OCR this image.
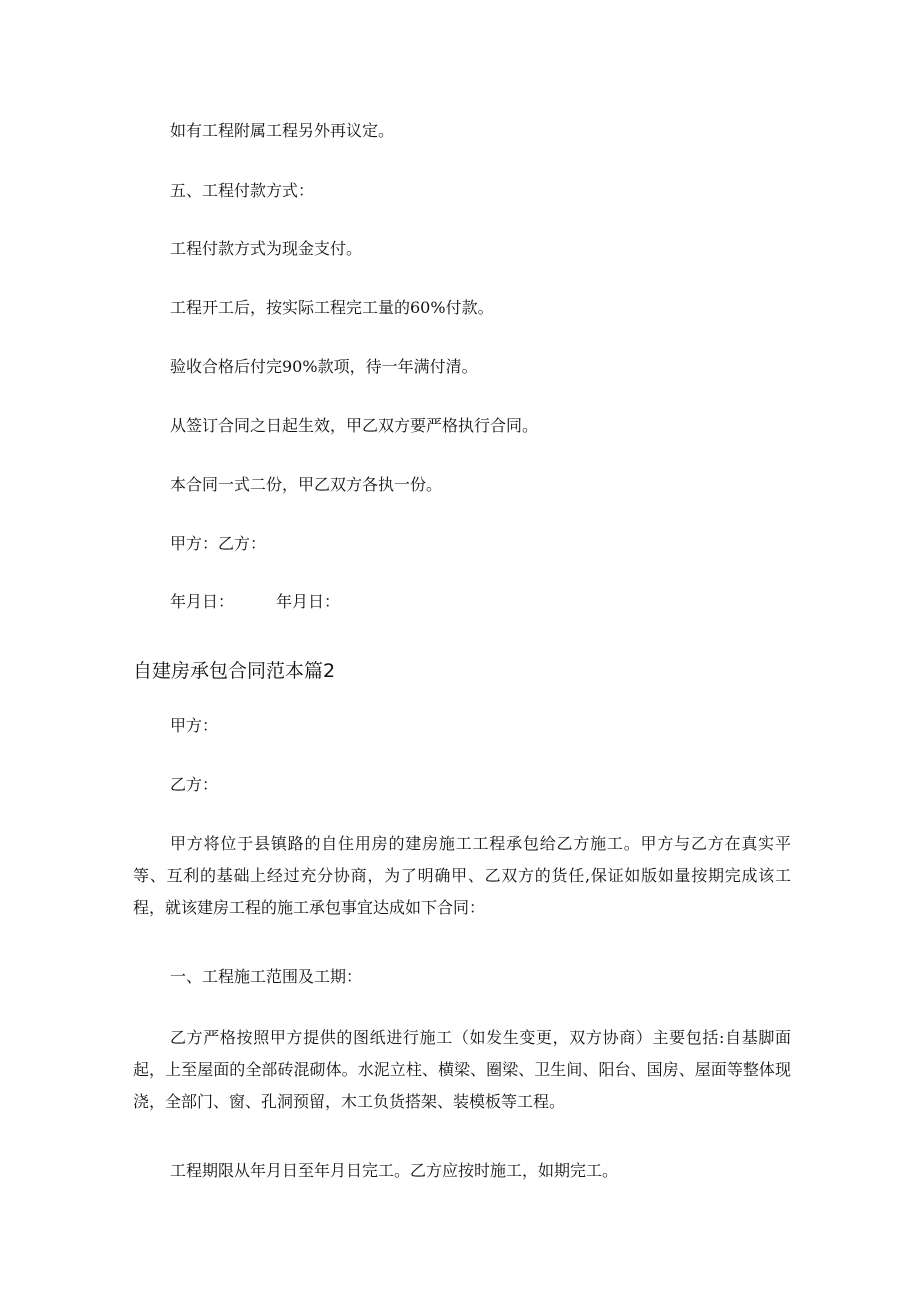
如有工程附属工程另外再议定。

五、工程付款方式：

工程付款方式为现金支付。

工程开工后，按实际工程完工量的60%付款。

验收合格后付完90%款项，待一年满付清。

从签订合同之日起生效，甲乙双方要严格执行合同。

本合同一式二份，甲乙双方各执一份。

甲方：乙方：

年月日：	年月日：

自建房承包合同范本篇2

甲方：

乙方：

甲方将位于县镇路的自住用房的建房施工工程承包给乙方施工。甲方与乙方在真实平等、互利的基础上经过充分协商，为了明确甲、乙双方的货任,保证如版如量按期完成该工程，就该建房工程的施工承包事宜达成如下合同：

一、工程施工范围及工期：

乙方严格按照甲方提供的图纸进行施工（如发生变更，双方协商）主要包括:自基脚面起，上至屋面的全部砖混砌体。水泥立柱、横梁、圈梁、卫生间、阳台、国房、屋面等整体现浇，全部门、窗、孔洞预留，木工负货搭架、装模板等工程。

工程期限从年月日至年月日完工。乙方应按时施工，如期完工。
